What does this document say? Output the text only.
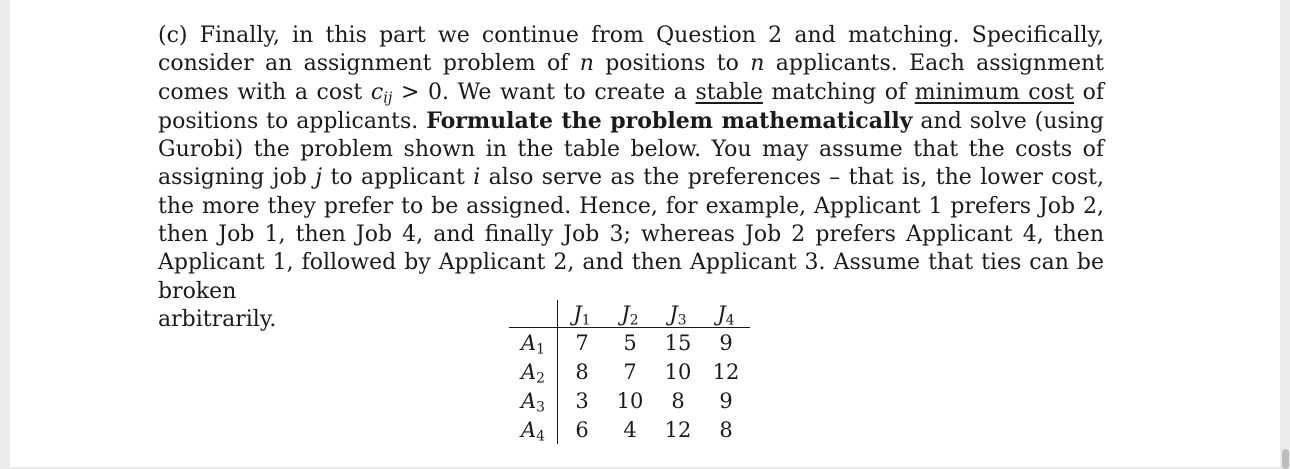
(c) Finally, in this part we continue from Question 2 and matching. Specifically, consider an assignment problem of n positions to n applicants. Each assignment comes with a cost $c_{ij} > 0$. We want to create a stable matching of minimum cost of positions to applicants. Formulate the problem mathematically and solve (using Gurobi) the problem shown in the table below. You may assume that the costs of assigning job j to applicant i also serve as the preferences – that is, the lower cost, the more they prefer to be assigned. Hence, for example, Applicant 1 prefers Job 2, then Job 1, then Job 4, and finally Job 3; whereas Job 2 prefers Applicant 4, then Applicant 1, followed by Applicant 2, and then Applicant 3. Assume that ties can be broken
arbitrarily.
		$J_1$	$J_2$	$J_3$	$J_4$
$A_1$	7	5	15	9
$A_2$	8	7	10	12
$A_3$	3	10	8	9
$A_4$	6	4	12	8
